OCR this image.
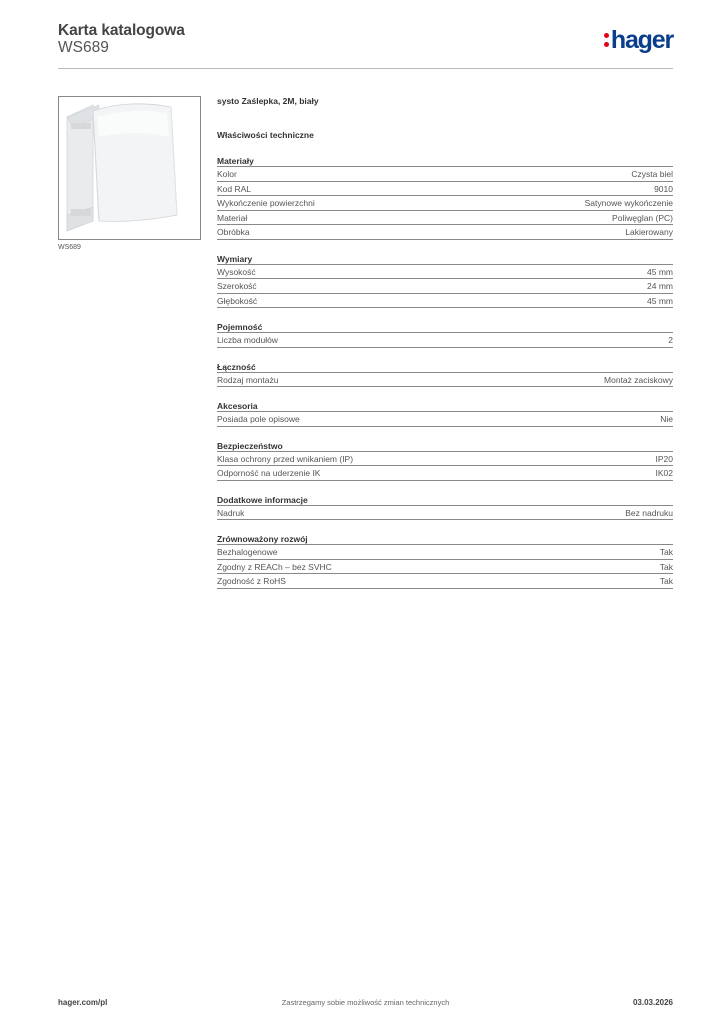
Karta katalogowa
WS689	hager
WS689
systo Zaślepka, 2M, biały
Właściwości techniczne
Materiały
Kolor	Czysta biel
Kod RAL	9010
Wykończenie powierzchni	Satynowe wykończenie
Materiał	Poliwęglan (PC)
Obróbka	Lakierowany
Wymiary
Wysokość	45 mm
Szerokość	24 mm
Głębokość	45 mm
Pojemność
Liczba modułów	2
Łączność
Rodzaj montażu	Montaż zaciskowy
Akcesoria
Posiada pole opisowe	Nie
Bezpieczeństwo
Klasa ochrony przed wnikaniem (IP)	IP20
Odporność na uderzenie IK	IK02
Dodatkowe informacje
Nadruk	Bez nadruku
Zrównoważony rozwój
Bezhalogenowe	Tak
Zgodny z REACh – bez SVHC	Tak
Zgodność z RoHS	Tak
hager.com/pl	Zastrzegamy sobie możliwość zmian technicznych	03.03.2026
